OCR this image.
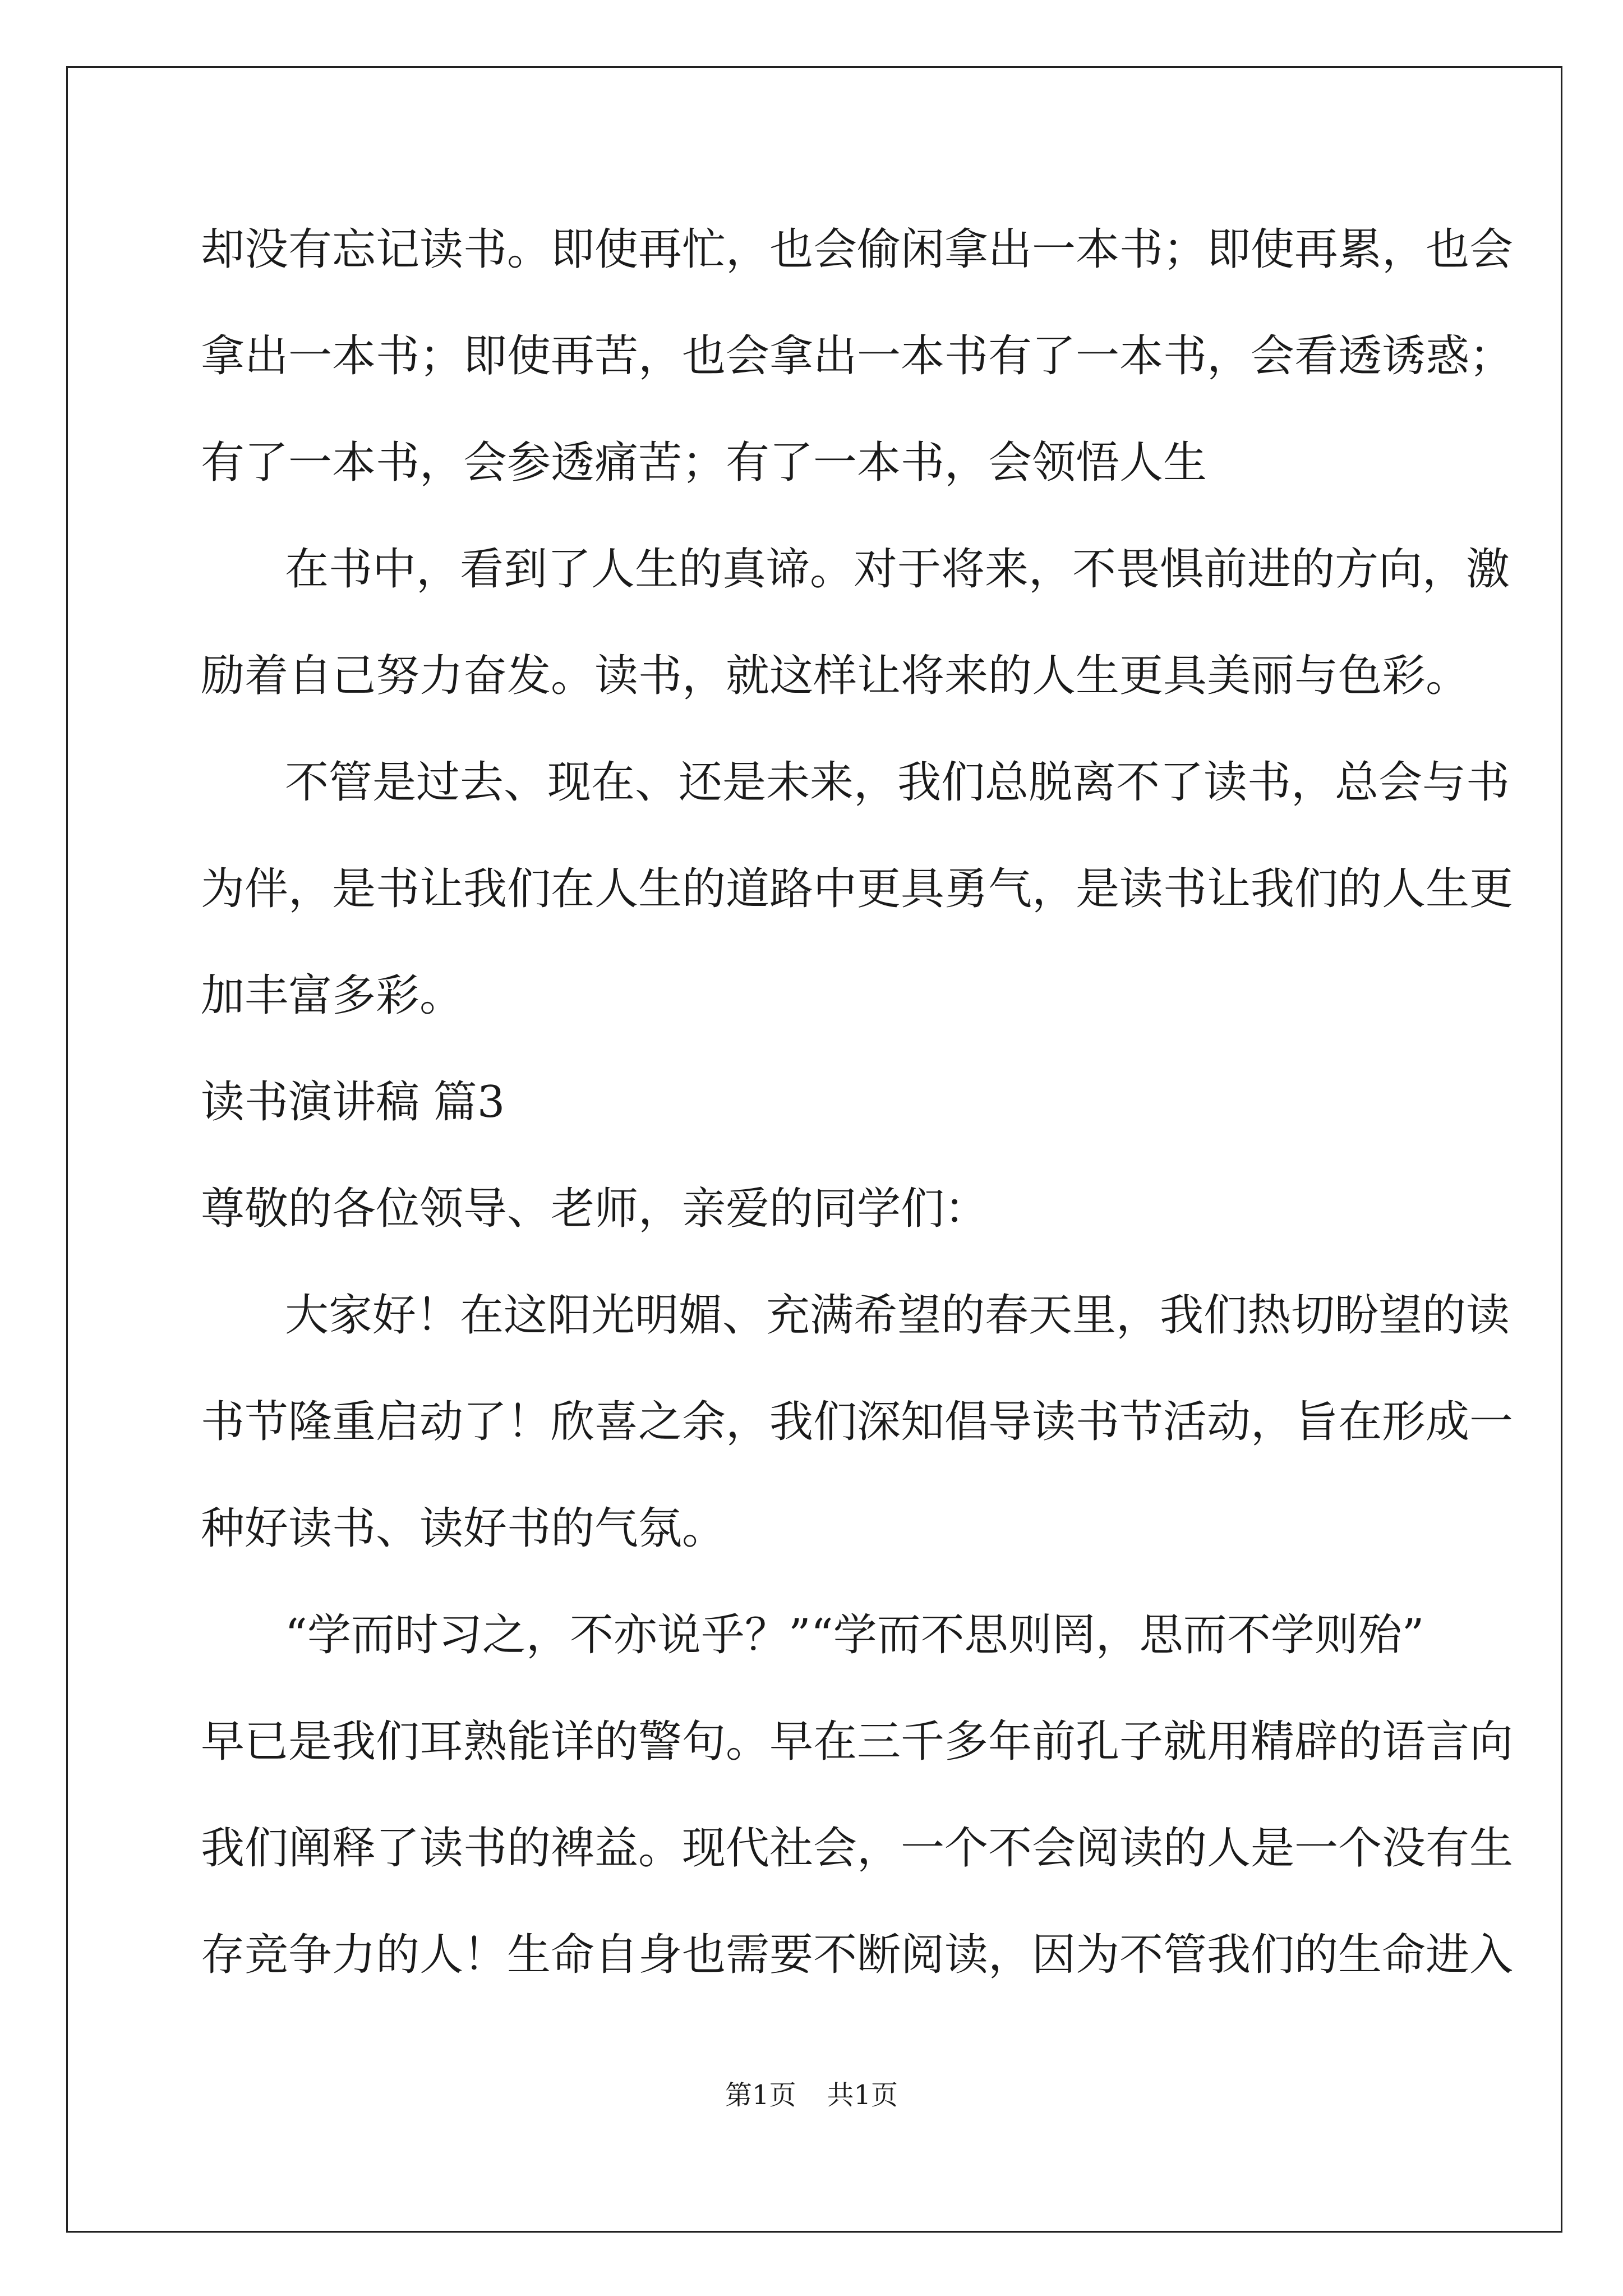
却没有忘记读书。即使再忙，也会偷闲拿出一本书；即使再累，也会
拿出一本书；即使再苦，也会拿出一本书有了一本书，会看透诱惑；
有了一本书，会参透痛苦；有了一本书，会领悟人生
在书中，看到了人生的真谛。对于将来，不畏惧前进的方向，激
励着自己努力奋发。读书，就这样让将来的人生更具美丽与色彩。
不管是过去、现在、还是未来，我们总脱离不了读书，总会与书
为伴，是书让我们在人生的道路中更具勇气，是读书让我们的人生更
加丰富多彩。
读书演讲稿 篇3
尊敬的各位领导、老师，亲爱的同学们：
大家好！在这阳光明媚、充满希望的春天里，我们热切盼望的读
书节隆重启动了！欣喜之余，我们深知倡导读书节活动，旨在形成一
种好读书、读好书的气氛。
“学而时习之，不亦说乎？”“学而不思则罔，思而不学则殆”
早已是我们耳熟能详的警句。早在三千多年前孔子就用精辟的语言向
我们阐释了读书的裨益。现代社会，一个不会阅读的人是一个没有生
存竞争力的人！生命自身也需要不断阅读，因为不管我们的生命进入
第1页 共1页
